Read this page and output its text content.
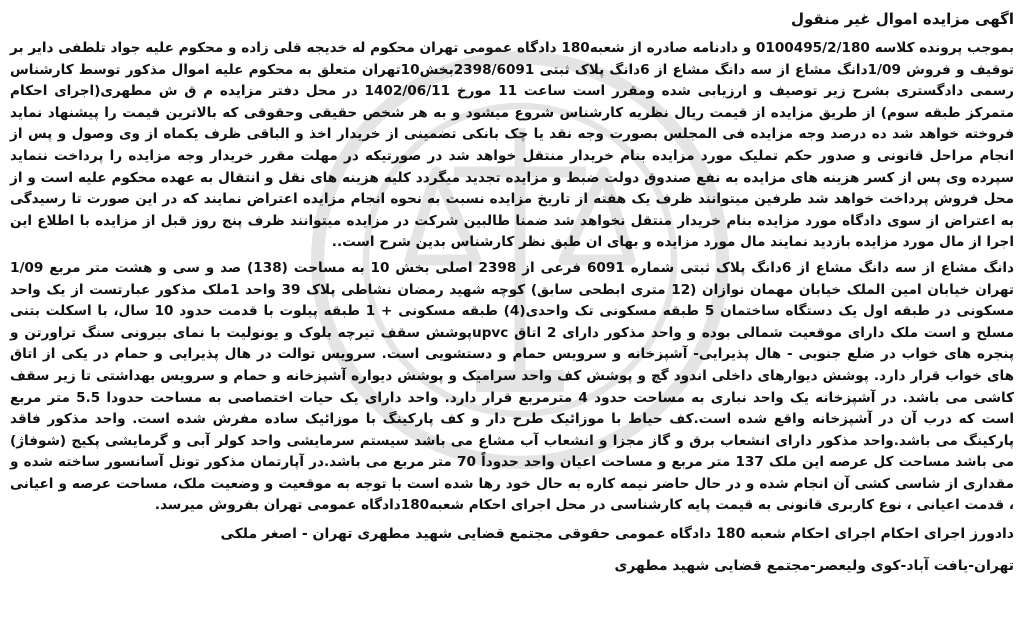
اگهی مزایده اموال غیر منقول

بموجب پرونده کلاسه 0100495/2/180 و دادنامه صادره از شعبه180 دادگاه عمومی تهران محکوم له خدیجه قلی زاده و محکوم علیه جواد تلطفی دایر بر توقیف و فروش 1/09دانگ مشاع از سه دانگ مشاع از 6دانگ پلاک ثبتی 2398/6091بخش10تهران متعلق به محکوم علیه اموال مذکور توسط کارشناس رسمی دادگستری بشرح زیر توصیف و ارزیابی شده ومقرر است ساعت 11 مورخ 1402/06/11 در محل دفتر مزایده م ق ش مطهری(اجرای احکام متمرکز طبقه سوم) از طریق مزایده از قیمت ریال نظریه کارشناس شروع میشود و به هر شخص حقیقی وحقوقی که بالاترین قیمت را پیشنهاد نماید فروخته خواهد شد ده درصد وجه مزایده فی المجلس بصورت وجه نقد یا چک بانکی تضمینی از خریدار اخذ و الباقی ظرف یکماه از وی وصول و پس از انجام مراحل قانونی و صدور حکم تملیک مورد مزایده بنام خریدار منتقل خواهد شد در صورتیکه در مهلت مقرر خریدار وجه مزایده را پرداخت ننماید سپرده وی پس از کسر هزینه های مزایده به نفع صندوق دولت ضبط و مزایده تجدید میگردد کلیه هزینه های نقل و انتقال به عهده محکوم علیه است و از محل فروش پرداخت خواهد شد طرفین میتوانند ظرف یک هفته از تاریخ مزایده نسبت به نحوه انجام مزایده اعتراض نمایند که در این صورت تا رسیدگی به اعتراض از سوی دادگاه مورد مزایده بنام خریدار منتقل نخواهد شد ضمنا طالبین شرکت در مزایده میتوانند ظرف پنج روز قبل از مزایده با اطلاع این اجرا از مال مورد مزایده بازدید نمایند مال مورد مزایده و بهای ان طبق نظر کارشناس بدین شرح است..

دانگ مشاع از سه دانگ مشاع از 6دانگ پلاک ثبتی شماره 6091 فرعی از 2398 اصلی بخش 10 به مساحت (138) صد و سی و هشت متر مربع 1/09 تهران خیابان امین الملک خیابان مهمان نوازان (12 متری ابطحی سابق) کوچه شهید رمضان نشاطی پلاک 39 واحد 1ملک مذکور عبارتست از یک واحد مسکونی در طبقه اول یک دستگاه ساختمان 5 طبقه مسکونی تک واحدی(4) طبقه مسکونی + 1 طبقه پیلوت با قدمت حدود 10 سال، با اسکلت بتنی مسلح و است ملک دارای موقعیت شمالی بوده و واحد مذکور دارای 2 اتاق upvcپوشش سقف تیرچه بلوک و یونولیت با نمای بیرونی سنگ تراورتن و پنجره های خواب در ضلع جنوبی - هال پذیرایی- آشپزخانه و سرویس حمام و دستشویی است. سرویس توالت در هال پذیرایی و حمام در یکی از اتاق های خواب قرار دارد. پوشش دیوارهای داخلی اندود گچ و پوشش کف واحد سرامیک و پوشش دیواره آشپزخانه و حمام و سرویس بهداشتی تا زیر سقف کاشی می باشد. در آشپزخانه یک واحد نباری به مساحت حدود 4 مترمربع قرار دارد. واحد دارای یک حیات اختصاصی به مساحت حدودا 5.5 متر مربع است که درب آن در آشپزخانه واقع شده است.کف حیاط با موزائیک طرح دار و کف پارکینگ با موزائیک ساده مفرش شده است. واحد مذکور فاقد پارکینگ می باشد.واحد مذکور دارای انشعاب برق و گاز مجزا و انشعاب آب مشاع می باشد سیستم سرمایشی واحد کولر آبی و گرمایشی پکیج (شوفاژ) می باشد مساحت کل عرصه این ملک 137 متر مربع و مساحت اعیان واحد حدوداً 70 متر مربع می باشد.در آپارتمان مذکور تونل آسانسور ساخته شده و مقداری از شاسی کشی آن انجام شده و در حال حاضر نیمه کاره به حال خود رها شده است با توجه به موقعیت و وضعیت ملک، مساحت عرصه و اعیانی ، قدمت اعیانی ، نوع کاربری قانونی به قیمت پایه کارشناسی در محل اجرای احکام شعبه180دادگاه عمومی تهران بفروش میرسد.

دادورز اجرای احکام اجرای احکام شعبه 180 دادگاه عمومی حقوقی مجتمع قضایی شهید مطهری تهران - اصغر ملکی
تهران-یافت آباد-کوی ولیعصر-مجتمع قضایی شهید مطهری
